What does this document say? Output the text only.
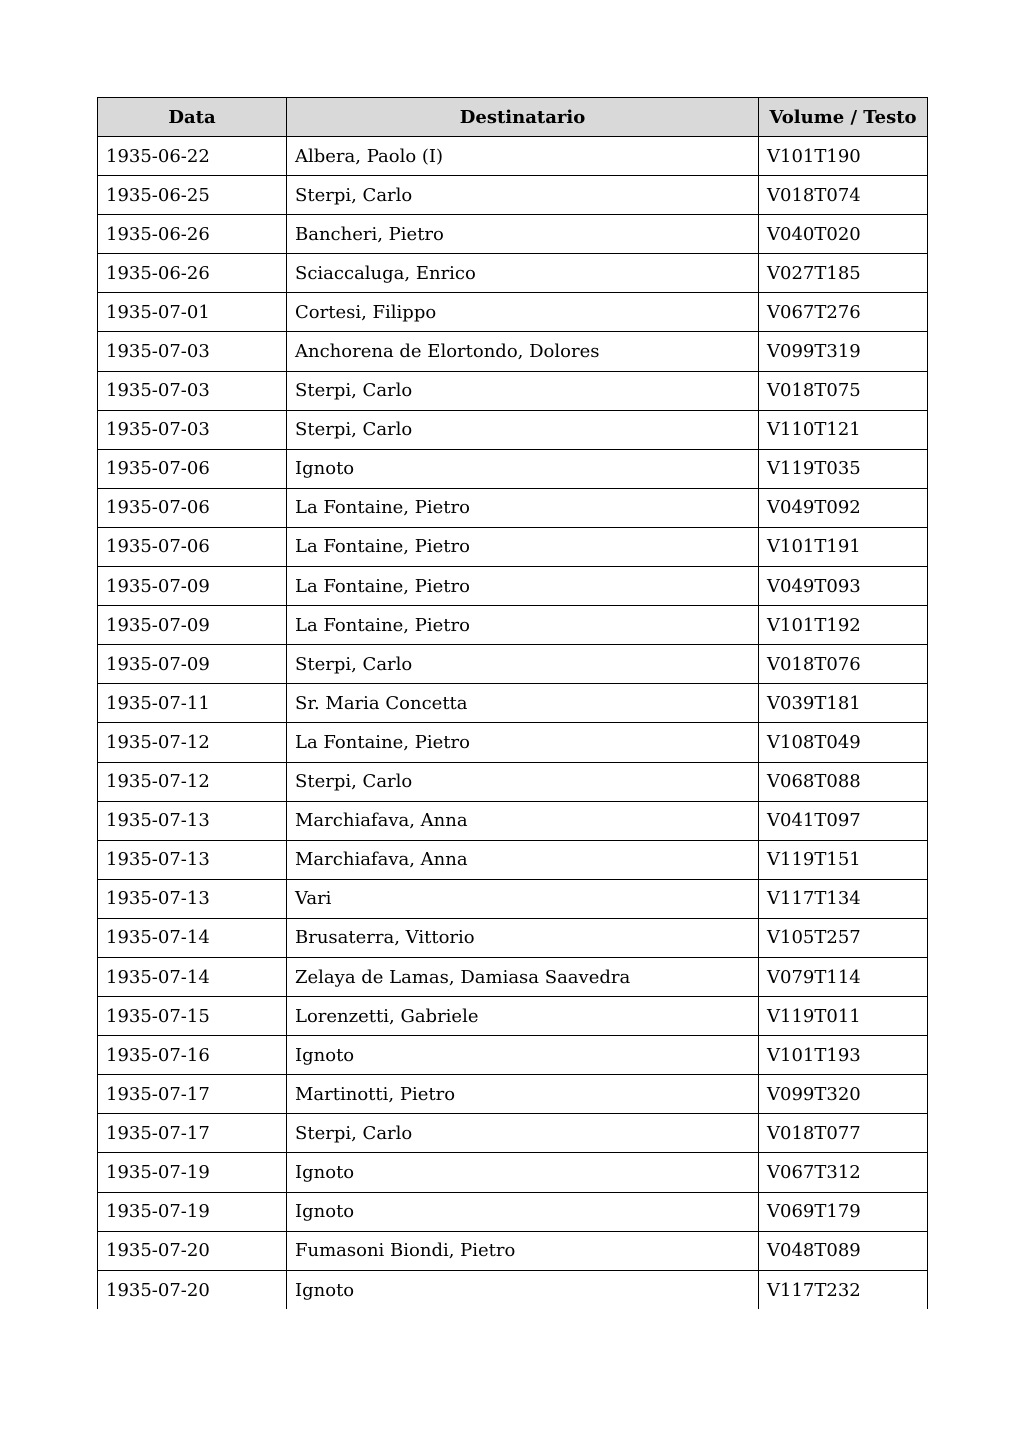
Data	Destinatario	Volume / Testo
1935-06-22	Albera, Paolo (I)	V101T190
1935-06-25	Sterpi, Carlo	V018T074
1935-06-26	Bancheri, Pietro	V040T020
1935-06-26	Sciaccaluga, Enrico	V027T185
1935-07-01	Cortesi, Filippo	V067T276
1935-07-03	Anchorena de Elortondo, Dolores	V099T319
1935-07-03	Sterpi, Carlo	V018T075
1935-07-03	Sterpi, Carlo	V110T121
1935-07-06	Ignoto	V119T035
1935-07-06	La Fontaine, Pietro	V049T092
1935-07-06	La Fontaine, Pietro	V101T191
1935-07-09	La Fontaine, Pietro	V049T093
1935-07-09	La Fontaine, Pietro	V101T192
1935-07-09	Sterpi, Carlo	V018T076
1935-07-11	Sr. Maria Concetta	V039T181
1935-07-12	La Fontaine, Pietro	V108T049
1935-07-12	Sterpi, Carlo	V068T088
1935-07-13	Marchiafava, Anna	V041T097
1935-07-13	Marchiafava, Anna	V119T151
1935-07-13	Vari	V117T134
1935-07-14	Brusaterra, Vittorio	V105T257
1935-07-14	Zelaya de Lamas, Damiasa Saavedra	V079T114
1935-07-15	Lorenzetti, Gabriele	V119T011
1935-07-16	Ignoto	V101T193
1935-07-17	Martinotti, Pietro	V099T320
1935-07-17	Sterpi, Carlo	V018T077
1935-07-19	Ignoto	V067T312
1935-07-19	Ignoto	V069T179
1935-07-20	Fumasoni Biondi, Pietro	V048T089
1935-07-20	Ignoto	V117T232
